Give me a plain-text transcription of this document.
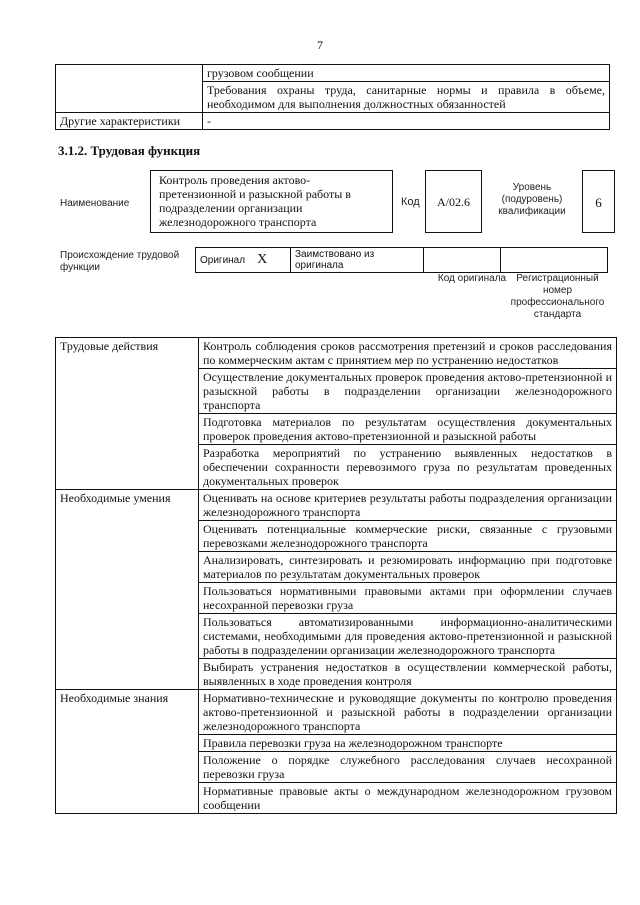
7
	грузовом сообщении
	Требования охраны труда, санитарные нормы и правила в объеме, необходимом для выполнения должностных обязанностей
Другие характеристики	-
3.1.2. Трудовая функция
Наименование
Контроль проведения актово-претензионной и разыскной работы в подразделении организации железнодорожного транспорта
Код	А/02.6
Уровень (подуровень) квалификации
6
Происхождение трудовой функции
Оригинал X	Заимствовано из оригинала		
Код оригинала	Регистрационный номер профессионального стандарта
Трудовые действия	Контроль соблюдения сроков рассмотрения претензий и сроков расследования по коммерческим актам с принятием мер по устранению недостатков
	Осуществление документальных проверок проведения актово-претензионной и разыскной работы в подразделении организации железнодорожного транспорта
	Подготовка материалов по результатам осуществления документальных проверок проведения актово-претензионной и разыскной работы
	Разработка мероприятий по устранению выявленных недостатков в обеспечении сохранности перевозимого груза по результатам проведенных документальных проверок
Необходимые умения	Оценивать на основе критериев результаты работы подразделения организации железнодорожного транспорта
	Оценивать потенциальные коммерческие риски, связанные с грузовыми перевозками железнодорожного транспорта
	Анализировать, синтезировать и резюмировать информацию при подготовке материалов по результатам документальных проверок
	Пользоваться нормативными правовыми актами при оформлении случаев несохранной перевозки груза
	Пользоваться автоматизированными информационно-аналитическими системами, необходимыми для проведения актово-претензионной и разыскной работы в подразделении организации железнодорожного транспорта
	Выбирать устранения недостатков в осуществлении коммерческой работы, выявленных в ходе проведения контроля
Необходимые знания	Нормативно-технические и руководящие документы по контролю проведения актово-претензионной и разыскной работы в подразделении организации железнодорожного транспорта
	Правила перевозки груза на железнодорожном транспорте
	Положение о порядке служебного расследования случаев несохранной перевозки груза
	Нормативные правовые акты о международном железнодорожном грузовом сообщении
